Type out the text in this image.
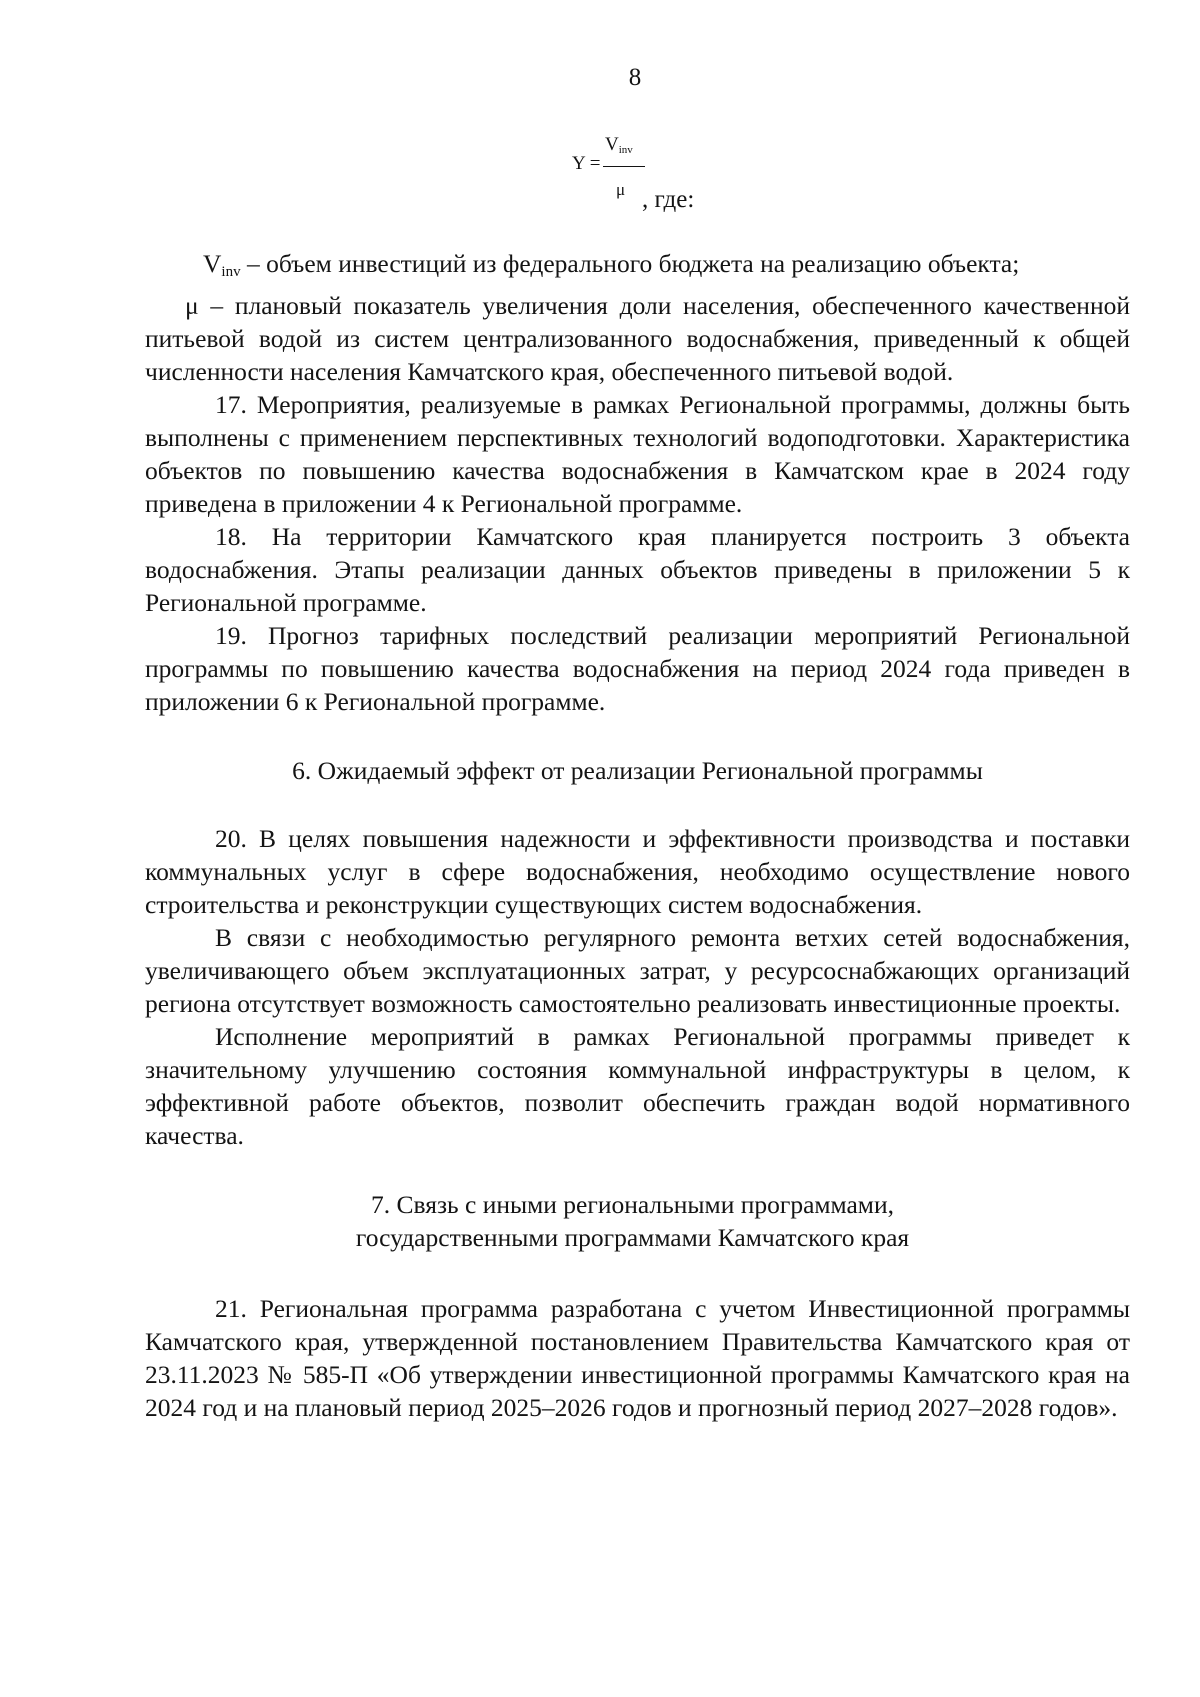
8
Y =
$V_{inv}$
μ , где:

$V_{inv}$ – объем инвестиций из федерального бюджета на реализацию объекта;

μ – плановый показатель увеличения доли населения, обеспеченного качественной питьевой водой из систем централизованного водоснабжения, приведенный к общей численности населения Камчатского края, обеспеченного питьевой водой.

17. Мероприятия, реализуемые в рамках Региональной программы, должны быть выполнены с применением перспективных технологий водоподготовки. Характеристика объектов по повышению качества водоснабжения в Камчатском крае в 2024 году приведена в приложении 4 к Региональной программе.

18. На территории Камчатского края планируется построить 3 объекта водоснабжения. Этапы реализации данных объектов приведены в приложении 5 к Региональной программе.

19. Прогноз тарифных последствий реализации мероприятий Региональной программы по повышению качества водоснабжения на период 2024 года приведен в приложении 6 к Региональной программе.

6. Ожидаемый эффект от реализации Региональной программы

20. В целях повышения надежности и эффективности производства и поставки коммунальных услуг в сфере водоснабжения, необходимо осуществление нового строительства и реконструкции существующих систем водоснабжения.

В связи с необходимостью регулярного ремонта ветхих сетей водоснабжения, увеличивающего объем эксплуатационных затрат, у ресурсоснабжающих организаций региона отсутствует возможность самостоятельно реализовать инвестиционные проекты.

Исполнение мероприятий в рамках Региональной программы приведет к значительному улучшению состояния коммунальной инфраструктуры в целом, к эффективной работе объектов, позволит обеспечить граждан водой нормативного качества.

7. Связь с иными региональными программами, государственными программами Камчатского края

21. Региональная программа разработана с учетом Инвестиционной программы Камчатского края, утвержденной постановлением Правительства Камчатского края от 23.11.2023 № 585-П «Об утверждении инвестиционной программы Камчатского края на 2024 год и на плановый период 2025–2026 годов и прогнозный период 2027–2028 годов».
